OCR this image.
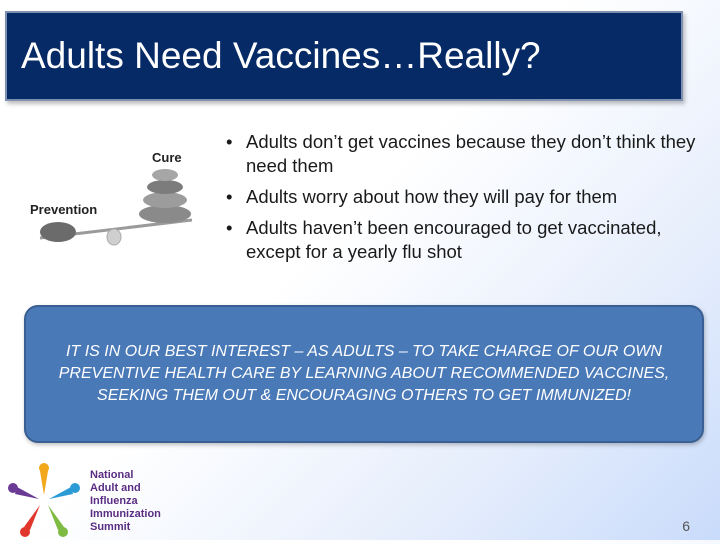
Adults Need Vaccines…Really?
Cure
Prevention
• Adults don’t get vaccines because they don’t think they need them
• Adults worry about how they will pay for them
• Adults haven’t been encouraged to get vaccinated, except for a yearly flu shot
IT IS IN OUR BEST INTEREST – AS ADULTS – TO TAKE CHARGE OF OUR OWN PREVENTIVE HEALTH CARE BY LEARNING ABOUT RECOMMENDED VACCINES, SEEKING THEM OUT & ENCOURAGING OTHERS TO GET IMMUNIZED!
National
Adult and
Influenza
Immunization
Summit	6
